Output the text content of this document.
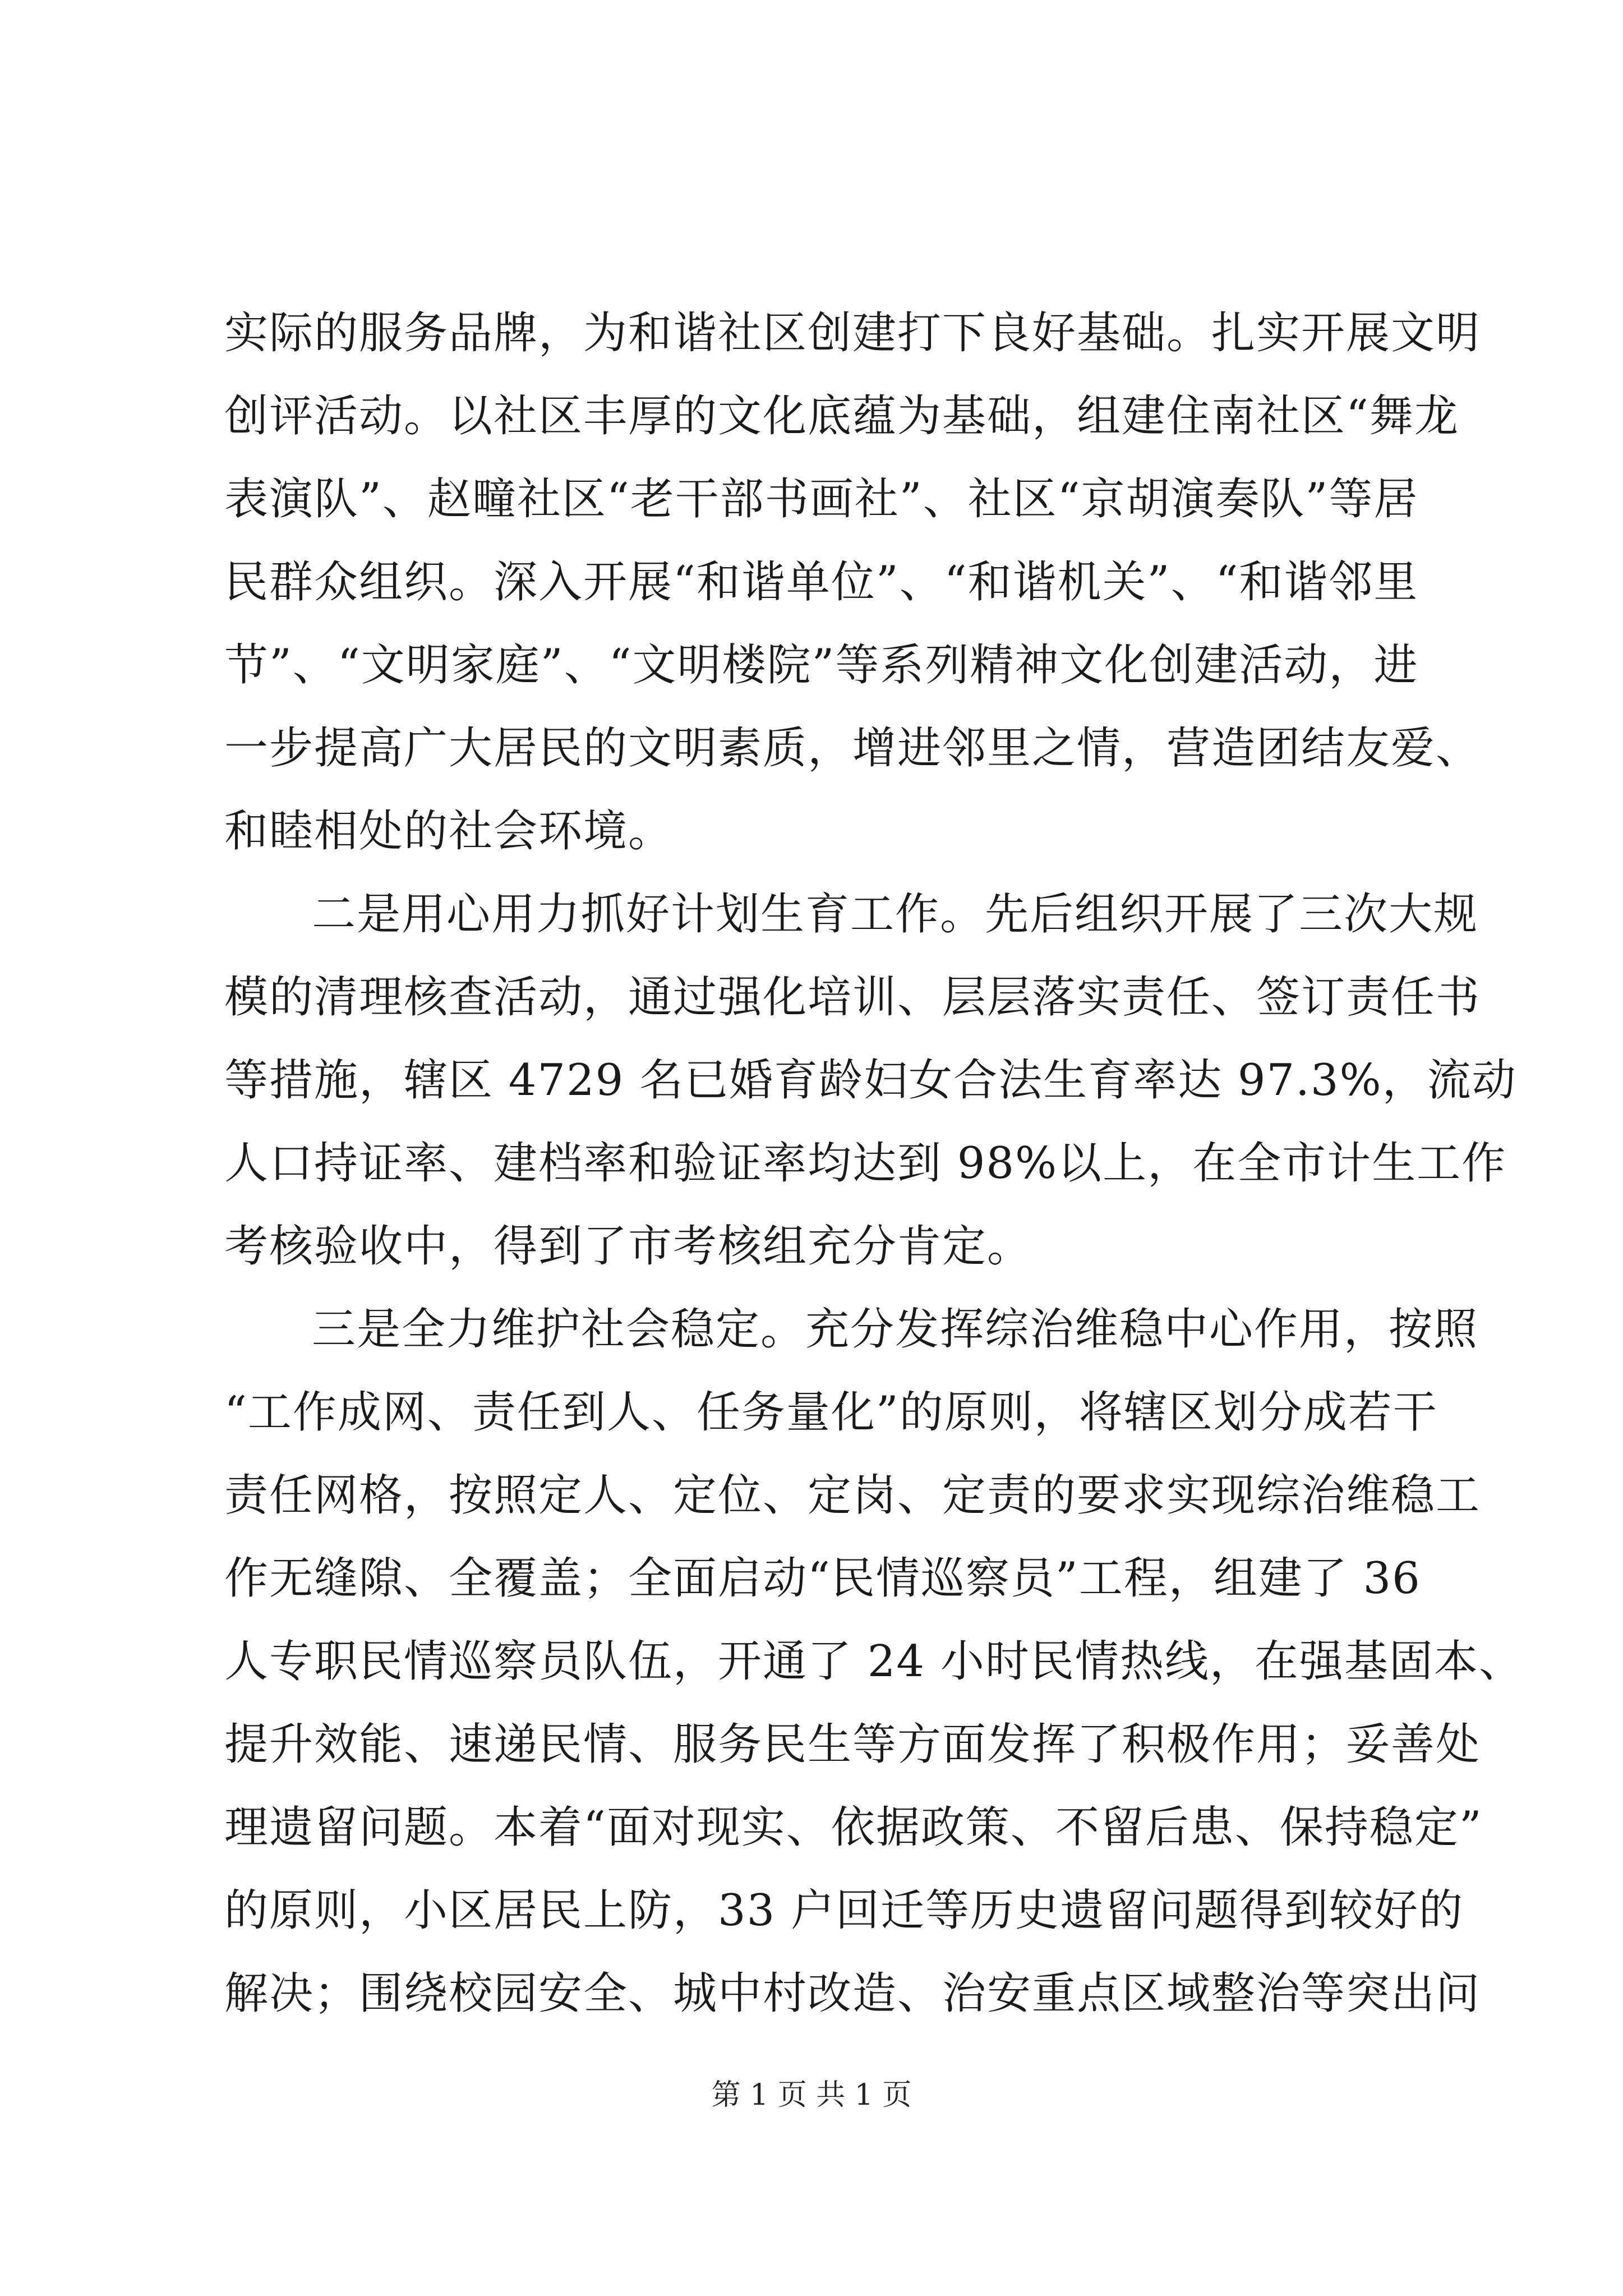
实际的服务品牌，为和谐社区创建打下良好基础。扎实开展文明
创评活动。以社区丰厚的文化底蕴为基础，组建住南社区“舞龙
表演队”、赵疃社区“老干部书画社”、社区“京胡演奏队”等居
民群众组织。深入开展“和谐单位”、“和谐机关”、“和谐邻里
节”、“文明家庭”、“文明楼院”等系列精神文化创建活动，进
一步提高广大居民的文明素质，增进邻里之情，营造团结友爱、
和睦相处的社会环境。
二是用心用力抓好计划生育工作。先后组织开展了三次大规
模的清理核查活动，通过强化培训、层层落实责任、签订责任书
等措施，辖区 4729 名已婚育龄妇女合法生育率达 97.3%，流动
人口持证率、建档率和验证率均达到 98%以上，在全市计生工作
考核验收中，得到了市考核组充分肯定。
三是全力维护社会稳定。充分发挥综治维稳中心作用，按照
“工作成网、责任到人、任务量化”的原则，将辖区划分成若干
责任网格，按照定人、定位、定岗、定责的要求实现综治维稳工
作无缝隙、全覆盖；全面启动“民情巡察员”工程，组建了 36
人专职民情巡察员队伍，开通了 24 小时民情热线，在强基固本、
提升效能、速递民情、服务民生等方面发挥了积极作用；妥善处
理遗留问题。本着“面对现实、依据政策、不留后患、保持稳定”
的原则，小区居民上防，33 户回迁等历史遗留问题得到较好的
解决；围绕校园安全、城中村改造、治安重点区域整治等突出问
第 1 页 共 1 页
